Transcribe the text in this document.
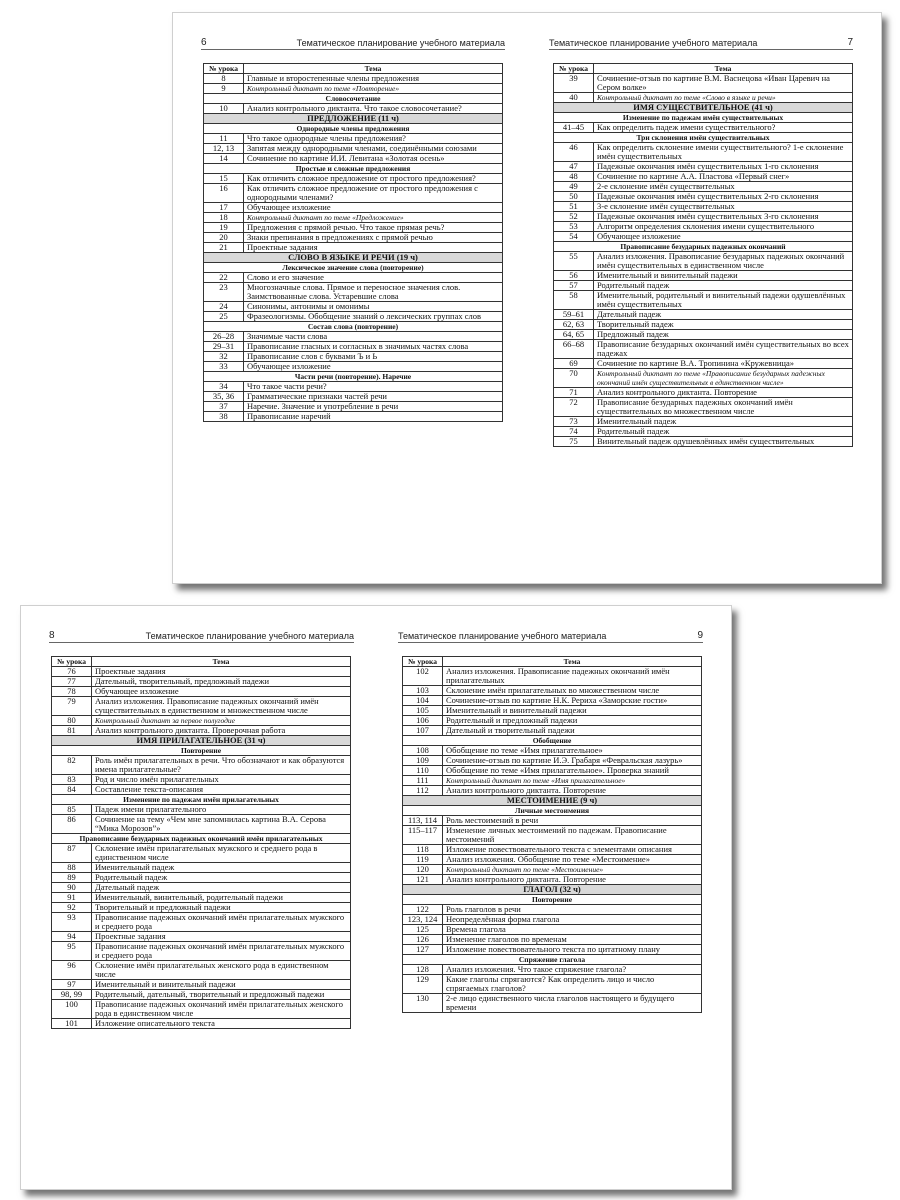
6	Тематическое планирование учебного материала
№ урока	Тема
8	Главные и второстепенные члены предложения
9	Контрольный диктант по теме «Повторение»
Словосочетание	
10	Анализ контрольного диктанта. Что такое словосочетание?
ПРЕДЛОЖЕНИЕ (11 ч)	
Однородные члены предложения	
11	Что такое однородные члены предложения?
12, 13	Запятая между однородными членами, соединёнными союзами
14	Сочинение по картине И.И. Левитана «Золотая осень»
Простые и сложные предложения	
15	Как отличить сложное предложение от простого предложения?
16	Как отличить сложное предложение от простого предложения с однородными членами?
17	Обучающее изложение
18	Контрольный диктант по теме «Предложение»
19	Предложения с прямой речью. Что такое прямая речь?
20	Знаки препинания в предложениях с прямой речью
21	Проектные задания
СЛОВО В ЯЗЫКЕ И РЕЧИ (19 ч)	
Лексическое значение слова (повторение)	
22	Слово и его значение
23	Многозначные слова. Прямое и переносное значения слов. Заимствованные слова. Устаревшие слова
24	Синонимы, антонимы и омонимы
25	Фразеологизмы. Обобщение знаний о лексических группах слов
Состав слова (повторение)	
26–28	Значимые части слова
29–31	Правописание гласных и согласных в значимых частях слова
32	Правописание слов с буквами Ъ и Ь
33	Обучающее изложение
Части речи (повторение). Наречие	
34	Что такое части речи?
35, 36	Грамматические признаки частей речи
37	Наречие. Значение и употребление в речи
38	Правописание наречий
Тематическое планирование учебного материала	7
№ урока	Тема
39	Сочинение-отзыв по картине В.М. Васнецова «Иван Царевич на Сером волке»
40	Контрольный диктант по теме «Слово в языке и речи»
ИМЯ СУЩЕСТВИТЕЛЬНОЕ (41 ч)	
Изменение по падежам имён существительных	
41–45	Как определить падеж имени существительного?
Три склонения имён существительных	
46	Как определить склонение имени существительного? 1-е склонение имён существительных
47	Падежные окончания имён существительных 1-го склонения
48	Сочинение по картине А.А. Пластова «Первый снег»
49	2-е склонение имён существительных
50	Падежные окончания имён существительных 2-го склонения
51	3-е склонение имён существительных
52	Падежные окончания имён существительных 3-го склонения
53	Алгоритм определения склонения имени существительного
54	Обучающее изложение
Правописание безударных падежных окончаний	
55	Анализ изложения. Правописание безударных падежных окончаний имён существительных в единственном числе
56	Именительный и винительный падежи
57	Родительный падеж
58	Именительный, родительный и винительный падежи одушевлённых имён существительных
59–61	Дательный падеж
62, 63	Творительный падеж
64, 65	Предложный падеж
66–68	Правописание безударных окончаний имён существительных во всех падежах
69	Сочинение по картине В.А. Тропинина «Кружевница»
70	Контрольный диктант по теме «Правописание безударных падежных окончаний имён существительных в единственном числе»
71	Анализ контрольного диктанта. Повторение
72	Правописание безударных падежных окончаний имён существительных во множественном числе
73	Именительный падеж
74	Родительный падеж
75	Винительный падеж одушевлённых имён существительных
8	Тематическое планирование учебного материала
№ урока	Тема
76	Проектные задания
77	Дательный, творительный, предложный падежи
78	Обучающее изложение
79	Анализ изложения. Правописание падежных окончаний имён существительных в единственном и множественном числе
80	Контрольный диктант за первое полугодие
81	Анализ контрольного диктанта. Проверочная работа
ИМЯ ПРИЛАГАТЕЛЬНОЕ (31 ч)	
Повторение	
82	Роль имён прилагательных в речи. Что обозначают и как образуются имена прилагательные?
83	Род и число имён прилагательных
84	Составление текста-описания
Изменение по падежам имён прилагательных	
85	Падеж имени прилагательного
86	Сочинение на тему «Чем мне запомнилась картина В.А. Серова “Мика Морозов”»
Правописание безударных падежных окончаний имён прилагательных	
87	Склонение имён прилагательных мужского и среднего рода в единственном числе
88	Именительный падеж
89	Родительный падеж
90	Дательный падеж
91	Именительный, винительный, родительный падежи
92	Творительный и предложный падежи
93	Правописание падежных окончаний имён прилагательных мужского и среднего рода
94	Проектные задания
95	Правописание падежных окончаний имён прилагательных мужского и среднего рода
96	Склонение имён прилагательных женского рода в единственном числе
97	Именительный и винительный падежи
98, 99	Родительный, дательный, творительный и предложный падежи
100	Правописание падежных окончаний имён прилагательных женского рода в единственном числе
101	Изложение описательного текста
Тематическое планирование учебного материала	9
№ урока	Тема
102	Анализ изложения. Правописание падежных окончаний имён прилагательных
103	Склонение имён прилагательных во множественном числе
104	Сочинение-отзыв по картине Н.К. Рериха «Заморские гости»
105	Именительный и винительный падежи
106	Родительный и предложный падежи
107	Дательный и творительный падежи
Обобщение	
108	Обобщение по теме «Имя прилагательное»
109	Сочинение-отзыв по картине И.Э. Грабаря «Февральская лазурь»
110	Обобщение по теме «Имя прилагательное». Проверка знаний
111	Контрольный диктант по теме «Имя прилагательное»
112	Анализ контрольного диктанта. Повторение
МЕСТОИМЕНИЕ (9 ч)	
Личные местоимения	
113, 114	Роль местоимений в речи
115–117	Изменение личных местоимений по падежам. Правописание местоимений
118	Изложение повествовательного текста с элементами описания
119	Анализ изложения. Обобщение по теме «Местоимение»
120	Контрольный диктант по теме «Местоимение»
121	Анализ контрольного диктанта. Повторение
ГЛАГОЛ (32 ч)	
Повторение	
122	Роль глаголов в речи
123, 124	Неопределённая форма глагола
125	Времена глагола
126	Изменение глаголов по временам
127	Изложение повествовательного текста по цитатному плану
Спряжение глагола	
128	Анализ изложения. Что такое спряжение глагола?
129	Какие глаголы спрягаются? Как определить лицо и число спрягаемых глаголов?
130	2-е лицо единственного числа глаголов настоящего и будущего времени
